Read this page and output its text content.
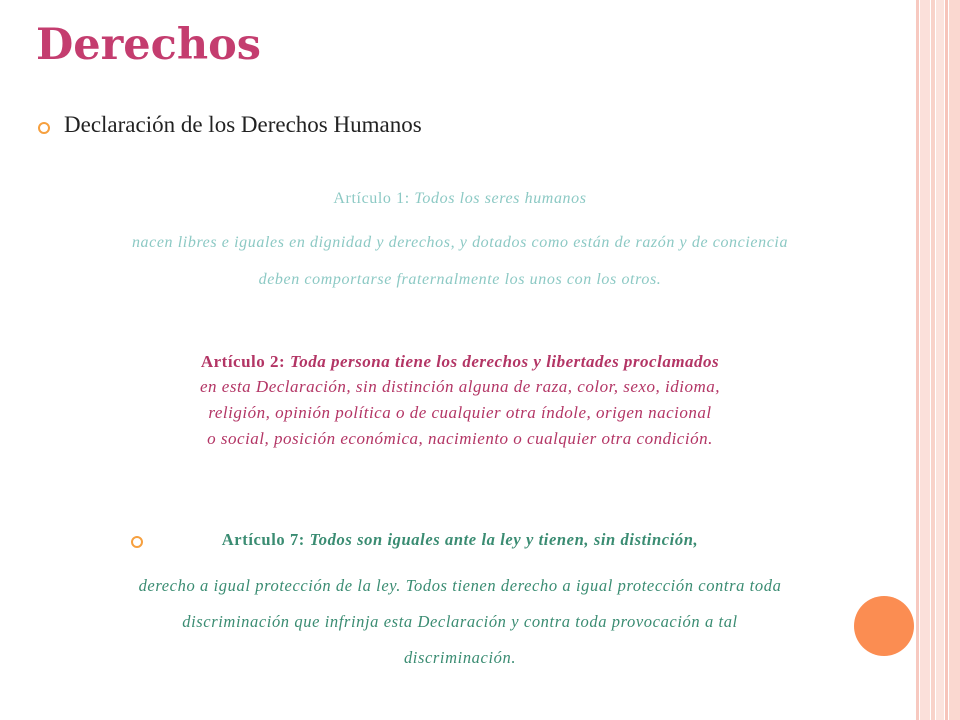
Derechos
Declaración de los Derechos Humanos
Artículo 1: Todos los seres humanos
nacen libres e iguales en dignidad y derechos, y dotados como están de razón y de conciencia
deben comportarse fraternalmente los unos con los otros.
Artículo 2: Toda persona tiene los derechos y libertades proclamados
en esta Declaración, sin distinción alguna de raza, color, sexo, idioma,
religión, opinión política o de cualquier otra índole, origen nacional
o social, posición económica, nacimiento o cualquier otra condición.
Artículo 7: Todos son iguales ante la ley y tienen, sin distinción,
derecho a igual protección de la ley. Todos tienen derecho a igual protección contra toda
discriminación que infrinja esta Declaración y contra toda provocación a tal
discriminación.
